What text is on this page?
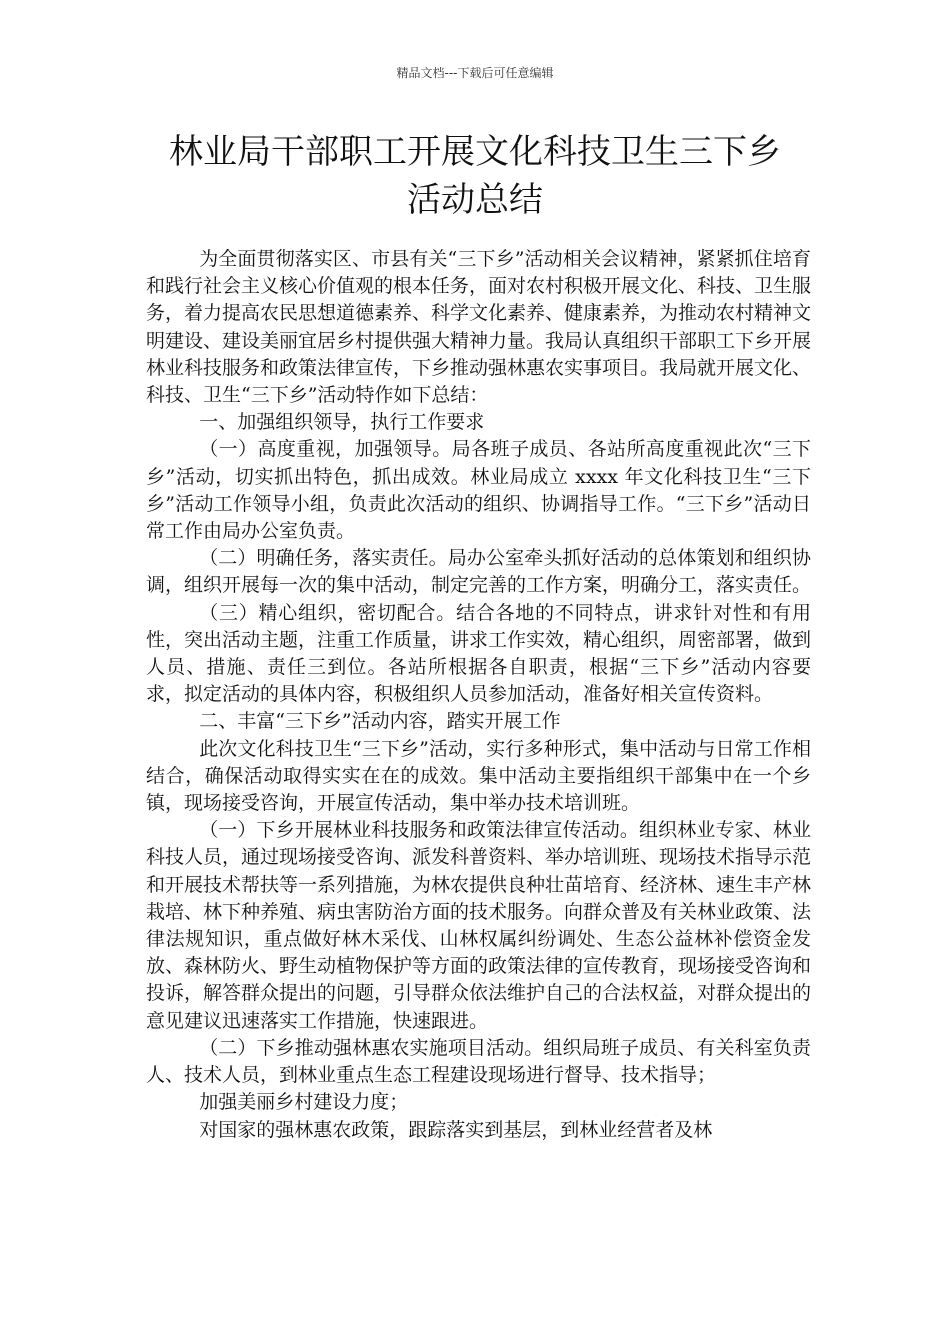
精品文档---下载后可任意编辑
林业局干部职工开展文化科技卫生三下乡
活动总结

为全面贯彻落实区、市县有关“三下乡”活动相关会议精神，紧紧抓住培育和践行社会主义核心价值观的根本任务，面对农村积极开展文化、科技、卫生服务，着力提高农民思想道德素养、科学文化素养、健康素养，为推动农村精神文明建设、建设美丽宜居乡村提供强大精神力量。我局认真组织干部职工下乡开展林业科技服务和政策法律宣传，下乡推动强林惠农实事项目。我局就开展文化、科技、卫生“三下乡”活动特作如下总结：

一、加强组织领导，执行工作要求

（一）高度重视，加强领导。局各班子成员、各站所高度重视此次“三下乡”活动，切实抓出特色，抓出成效。林业局成立 xxxx 年文化科技卫生“三下乡”活动工作领导小组，负责此次活动的组织、协调指导工作。“三下乡”活动日常工作由局办公室负责。

（二）明确任务，落实责任。局办公室牵头抓好活动的总体策划和组织协调，组织开展每一次的集中活动，制定完善的工作方案，明确分工，落实责任。

（三）精心组织，密切配合。结合各地的不同特点，讲求针对性和有用性，突出活动主题，注重工作质量，讲求工作实效，精心组织，周密部署，做到人员、措施、责任三到位。各站所根据各自职责，根据“三下乡”活动内容要求，拟定活动的具体内容，积极组织人员参加活动，准备好相关宣传资料。

二、丰富“三下乡”活动内容，踏实开展工作

此次文化科技卫生“三下乡”活动，实行多种形式，集中活动与日常工作相结合，确保活动取得实实在在的成效。集中活动主要指组织干部集中在一个乡镇，现场接受咨询，开展宣传活动，集中举办技术培训班。

（一）下乡开展林业科技服务和政策法律宣传活动。组织林业专家、林业科技人员，通过现场接受咨询、派发科普资料、举办培训班、现场技术指导示范和开展技术帮扶等一系列措施，为林农提供良种壮苗培育、经济林、速生丰产林栽培、林下种养殖、病虫害防治方面的技术服务。向群众普及有关林业政策、法律法规知识，重点做好林木采伐、山林权属纠纷调处、生态公益林补偿资金发放、森林防火、野生动植物保护等方面的政策法律的宣传教育，现场接受咨询和投诉，解答群众提出的问题，引导群众依法维护自己的合法权益，对群众提出的意见建议迅速落实工作措施，快速跟进。

（二）下乡推动强林惠农实施项目活动。组织局班子成员、有关科室负责人、技术人员，到林业重点生态工程建设现场进行督导、技术指导；

加强美丽乡村建设力度；

对国家的强林惠农政策，跟踪落实到基层，到林业经营者及林
